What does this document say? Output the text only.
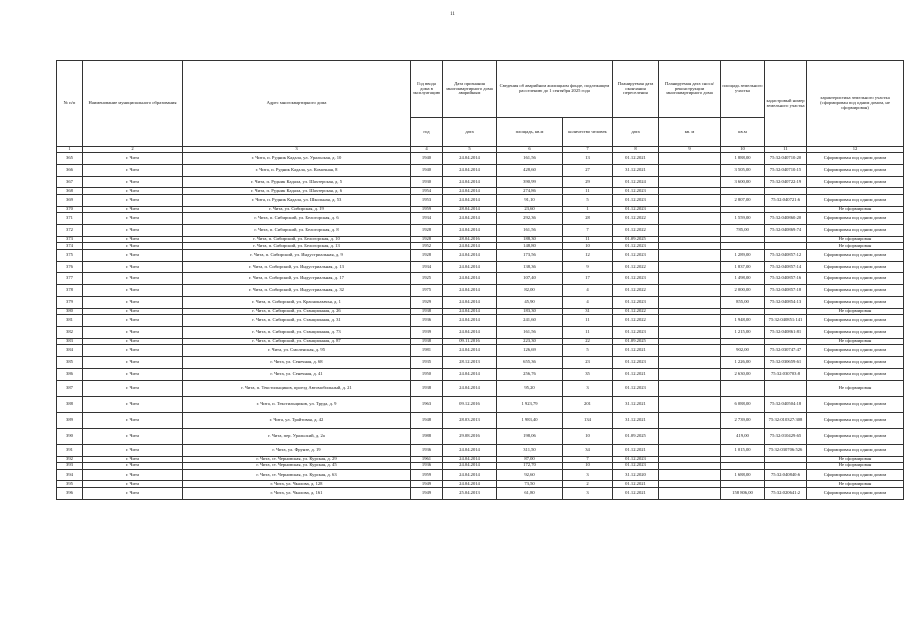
11
№ п/п	Наименование муниципального образования	Адрес многоквартирного дома	Год ввода дома в эксплуатацию	Дата признания многоквартирного дома аварийным	Сведения об аварийном жилищном фонде, подлежащем расселению до 1 сентября 2025 года		Планируемая дата окончания переселения	Планируемая дата сноса/реконструкции многоквартирного дома	площадь земельного участка	кадастровый номер земельного участка	характеристика земельного участка (сформирован под одним домом, не сформирован)
			год	дата	площадь, кв.м	количество человек	дата	кв. м	кв.м		
1	2	3	4	5	6	7	8	9	10	11	12
365	г. Чита	г. Чита, п. Рудник Кадала, ул. Уральская, д. 10	1940	24.04.2014	161,56	13	01.12.2021		1 888,00	75:32:040710:20	Сформирован под одним домом
366	г. Чита	г. Чита, п. Рудник Кадала, ул. Комочная, 8	1940	24.04.2014	428,60	27	31.12.2021		3 505,00	75:32:040710:15	Сформирован под одним домом
367	г. Чита	г. Чита, п. Рудник Кадала, ул. Шахтерская, д. 5	1930	24.04.2014	390,99	29	01.12.2024		3 600,00	75:32:040722:19	Сформирован под одним домом
368	г. Чита	г. Чита, п. Рудник Кадала, ул. Шахтерская, д. 6	1954	24.04.2014	274,86	11	01.12.2023				
369	г. Чита	г. Чита, п. Рудник Кадала, ул. Школьная, д. 53	1953	24.04.2014	91,10	5	01.12.2023		2 807,00	75:32:040721:6	Сформирован под одним домом
370	г. Чита	г. Чита, ул. Сибирская, д. 19	1959	28.04.2014	23,60	1	01.12.2023				Не сформирован
371	г. Чита	г. Чита, п. Сибирский, ул. Белогорская, д. 6	1934	24.04.2014	292,36	28	01.12.2022		1 559,00	75:32:040860:20	Сформирован под одним домом
372	г. Чита	г. Чита, п. Сибирский, ул. Белогорская, д. 8	1928	24.04.2014	161,56	7	01.12.2022		785,00	75:32:040869:74	Сформирован под одним домом
373	г. Чита	г. Чита, п. Сибирский, ул. Белогорская, д. 10	1928	28.04.2016	188,30	11	01.09.2025				Не сформирован
374	г. Чита	г. Чита, п. Сибирский, ул. Белогорская, д. 13	1952	24.04.2014	148,80	10	01.12.2023				Не сформирован
375	г. Чита	г. Чита, п. Сибирский, ул. Индустриальная, д. 9	1928	24.04.2014	173,56	12	01.12.2023		1 289,00	75:32:040857:12	Сформирован под одним домом
376	г. Чита	г. Чита, п. Сибирский, ул. Индустриальная, д. 13	1934	24.04.2014	138,36	9	01.12.2022		1 837,00	75:32:040857:14	Сформирован под одним домом
377	г. Чита	г. Чита, п. Сибирский, ул. Индустриальная, д. 17	1925	24.04.2014	107,40	17	01.12.2023		1 498,00	75:32:040857:16	Сформирован под одним домом
378	г. Чита	г. Чита, п. Сибирский, ул. Индустриальная, д. 32	1975	24.04.2014	82,00	4	01.12.2022		2 000,00	75:32:040857:18	Сформирован под одним домом
379	г. Чита	г. Чита, п. Сибирский, ул. Красноказачья, д. 1	1929	24.04.2014	45,90	4	01.12.2023		855,00	75:32:040854:13	Сформирован под одним домом
380	г. Чита	г. Чита, п. Сибирский, ул. Станционная, д. 26	1938	24.04.2014	183,30	31	01.12.2022				Не сформирован
381	г. Чита	г. Чита, п. Сибирский, ул. Станционная, д. 31	1936	24.04.2014	241,60	11	01.12.2022		1 948,00	75:32:040851:141	Сформирован под одним домом
382	г. Чита	г. Чита, п. Сибирский, ул. Станционная, д. 73	1939	24.04.2014	161,56	11	01.12.2023		1 215,00	75:32:040861:81	Сформирован под одним домом
383	г. Чита	г. Чита, п. Сибирский, ул. Станционная, д. 87	1938	09.11.2016	223,30	22	01.09.2025				Не сформирован
384	г. Чита	г. Чита, ул. Смоленская, д. 95	1981	24.04.2014	126,69	5	01.12.2021		902,00	75:32:030747:47	Сформирован под одним домом
385	г. Чита	г. Чита, ул. Сенечная, д. 68	1935	28.12.2013	655,36	23	01.12.2023		1 226,00	75:32:030659:61	Сформирован под одним домом
386	г. Чита	г. Чита, ул. Сенечная, д. 41	1950	24.04.2014	256,76	35	01.12.2021		2 630,00	75:32:030703:8	Сформирован под одним домом
387	г. Чита	г. Чита, п. Текстильщиков, проезд Автомобильный, д. 21	1938	24.04.2014	95,20	3	01.12.2023				Не сформирован
388	г. Чита	г. Чита, п. Текстильщиков, ул. Труда, д. 9	1963	09.12.2016	1 923,79	201	31.12.2021		6 088,00	75:32:040504:18	Сформирован под одним домом
389	г. Чита	г. Чита, ул. Трайтовая, д. 42	1948	28.03.2013	1 983,40	134	31.12.2021		2 739,00	75:32:010327:308	Сформирован под одним домом
390	г. Чита	г. Чита, пер. Уральский, д. 2а	1988	29.08.2016	198,06	10	01.09.2025		419,00	75:32:010429:65	Сформирован под одним домом
391	г. Чита	г. Чита, ул. Фрунзе, д. 19	1936	24.04.2014	311,50	34	01.12.2021		1 015,00	75:32:030706:526	Сформирован под одним домом
392	г. Чита	г. Чита, ст. Черновская, ул. Курская, д. 29	1961	24.04.2014	87,00	7	01.12.2023				Не сформирован
393	г. Чита	г. Чита, ст. Черновская, ул. Курская, д. 45	1936	24.04.2014	172,70	10	01.12.2023				Не сформирован
394	г. Чита	г. Чита, ст. Черновская, ул. Курская, д. 63	1959	24.04.2014	92,60	3	31.12.2020		1 688,00	75:32:040840:6	Сформирован под одним домом
395	г. Чита	г. Чита, ул. Чкалова, д. 128	1949	24.04.2014	73,50	2	01.12.2021				Не сформирован
396	г. Чита	г. Чита, ул. Чкалова, д. 161	1949	25.04.2013	61,80	3	01.12.2021		158 806,00	75:32:020641:2	Сформирован под одним домом
